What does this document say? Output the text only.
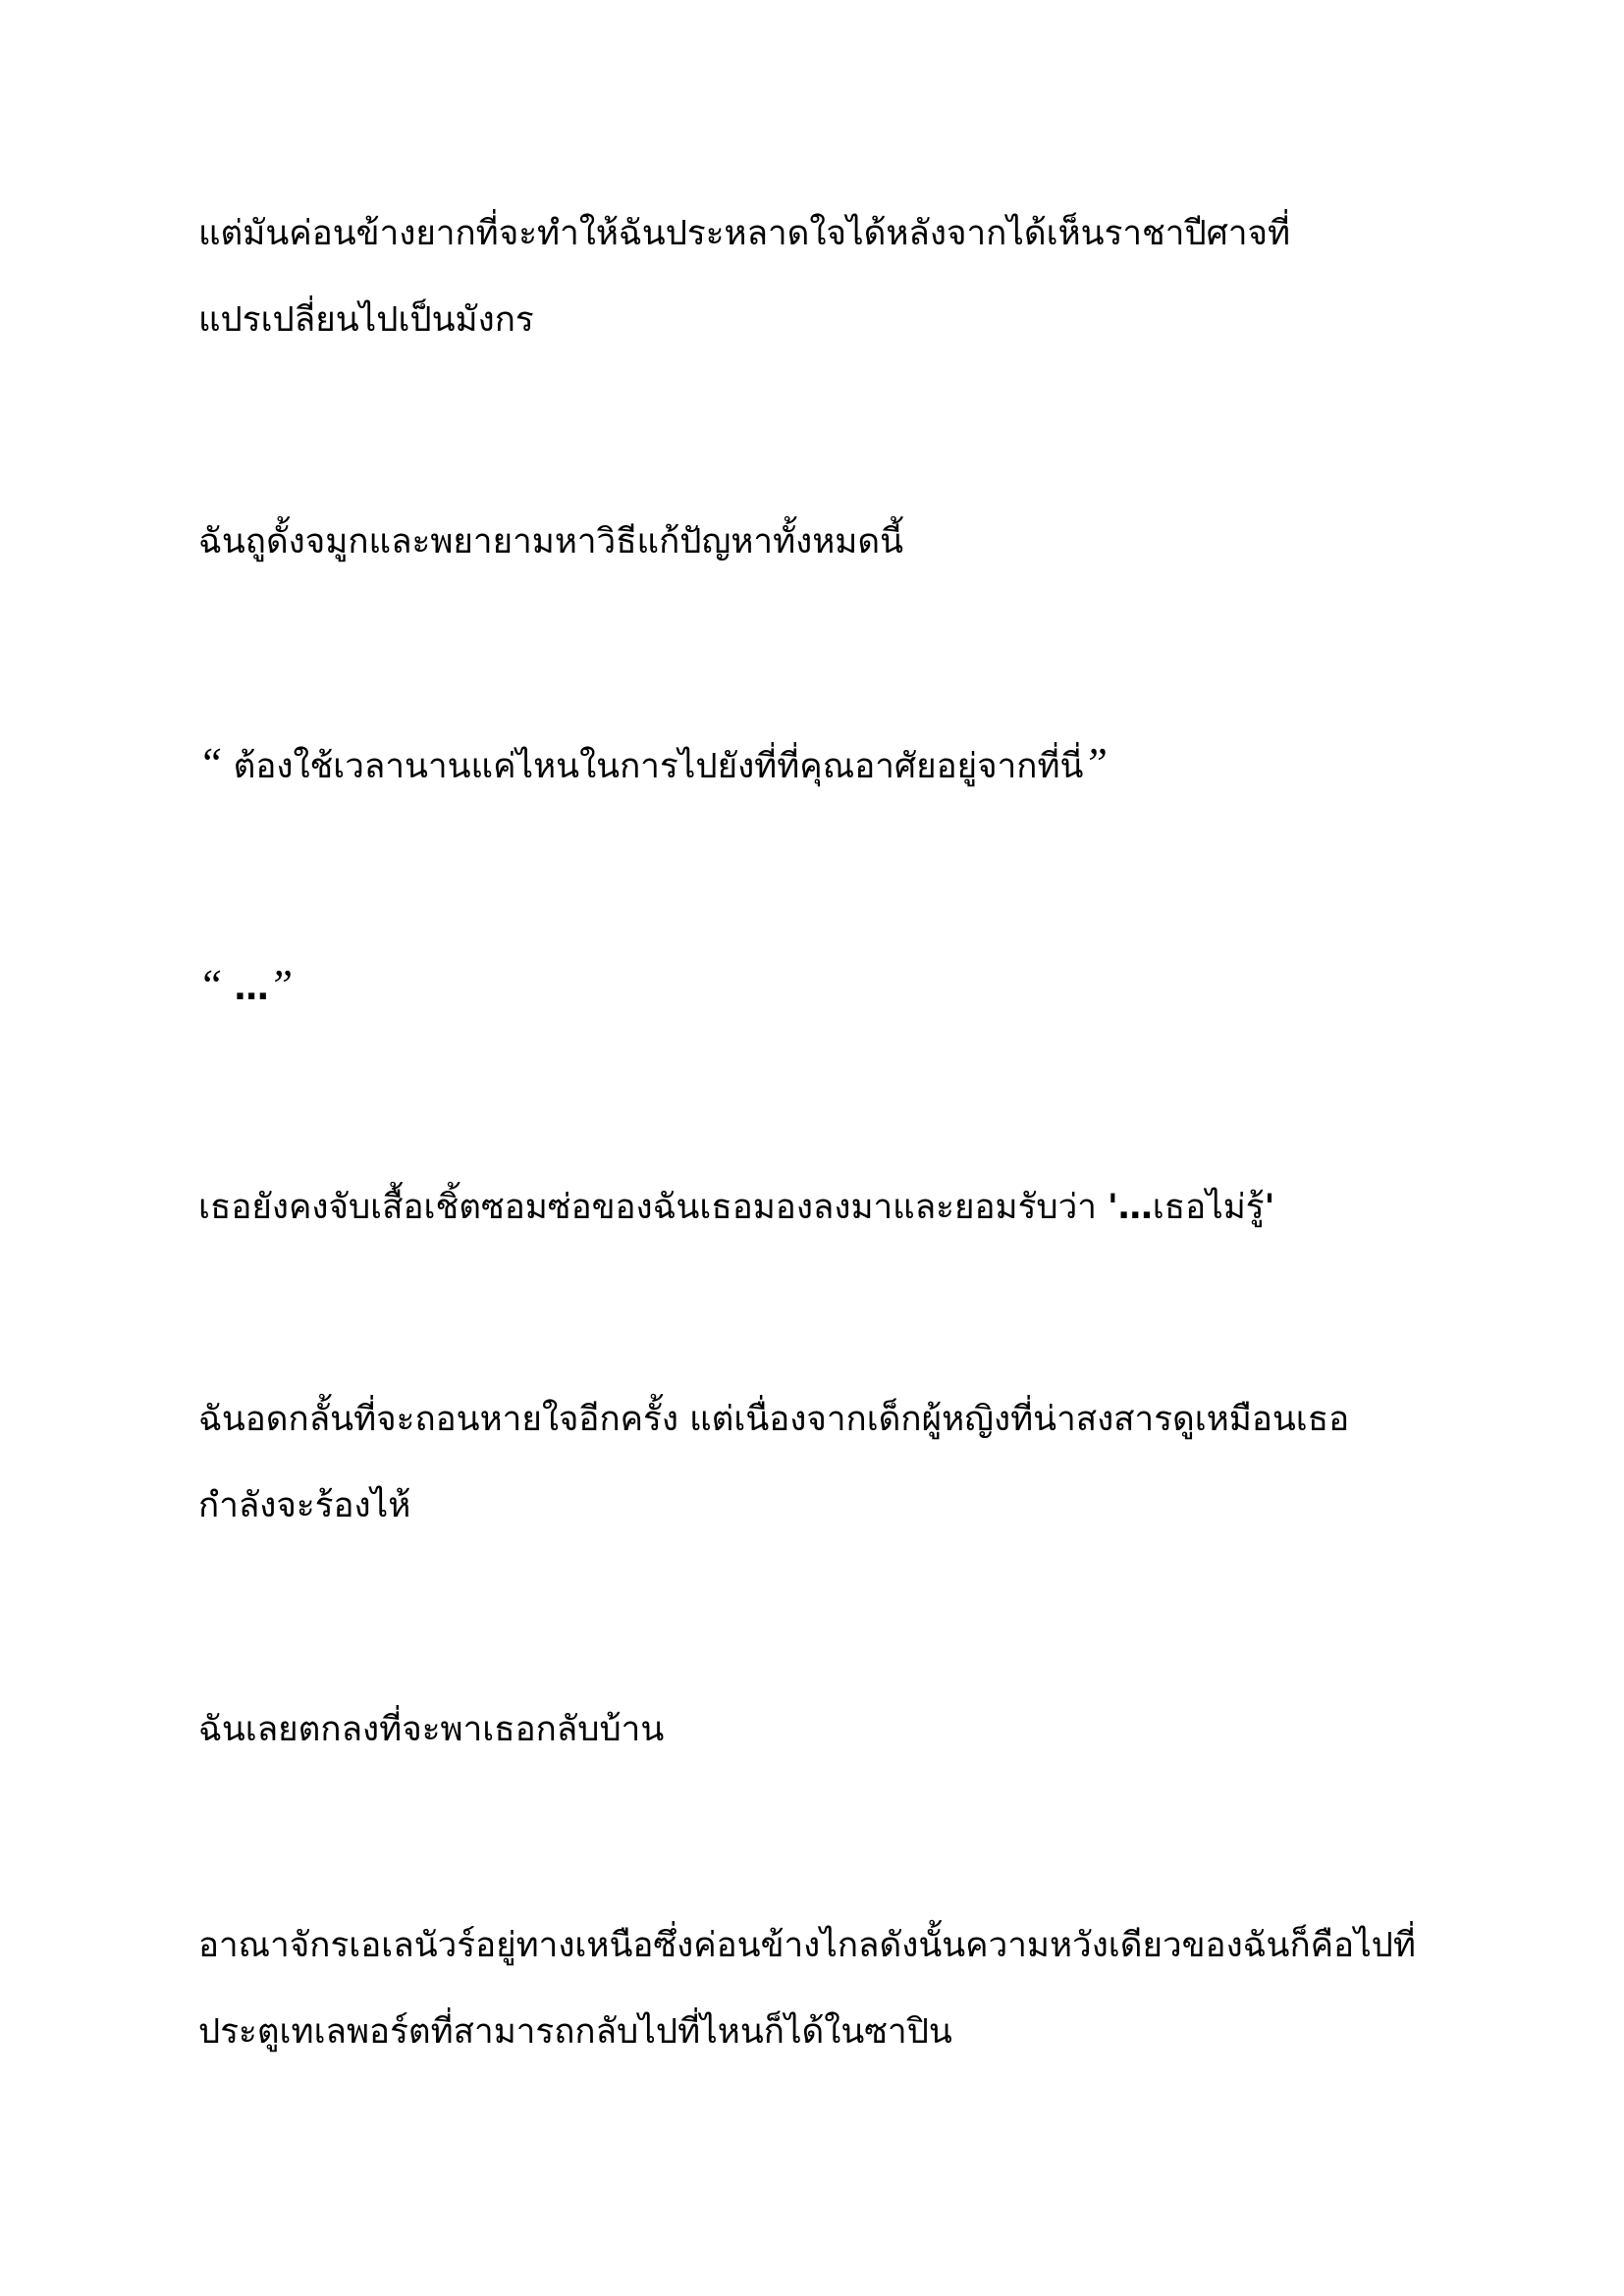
แต่มันค่อนข้างยากที่จะทำให้ฉันประหลาดใจได้หลังจากได้เห็นราชาปีศาจที่
แปรเปลี่ยนไปเป็นมังกร
ฉันถูดั้งจมูกและพยายามหาวิธีแก้ปัญหาทั้งหมดนี้
“ ต้องใช้เวลานานแค่ไหนในการไปยังที่ที่คุณอาศัยอยู่จากที่นี่”
“ …”
เธอยังคงจับเสื้อเชิ้ตซอมซ่อของฉันเธอมองลงมาและยอมรับว่า '…เธอไม่รู้'
ฉันอดกลั้นที่จะถอนหายใจอีกครั้ง แต่เนื่องจากเด็กผู้หญิงที่น่าสงสารดูเหมือนเธอ
กำลังจะร้องไห้
ฉันเลยตกลงที่จะพาเธอกลับบ้าน
อาณาจักรเอเลนัวร์อยู่ทางเหนือซึ่งค่อนข้างไกลดังนั้นความหวังเดียวของฉันก็คือไปที่
ประตูเทเลพอร์ตที่สามารถกลับไปที่ไหนก็ได้ในซาปิน
